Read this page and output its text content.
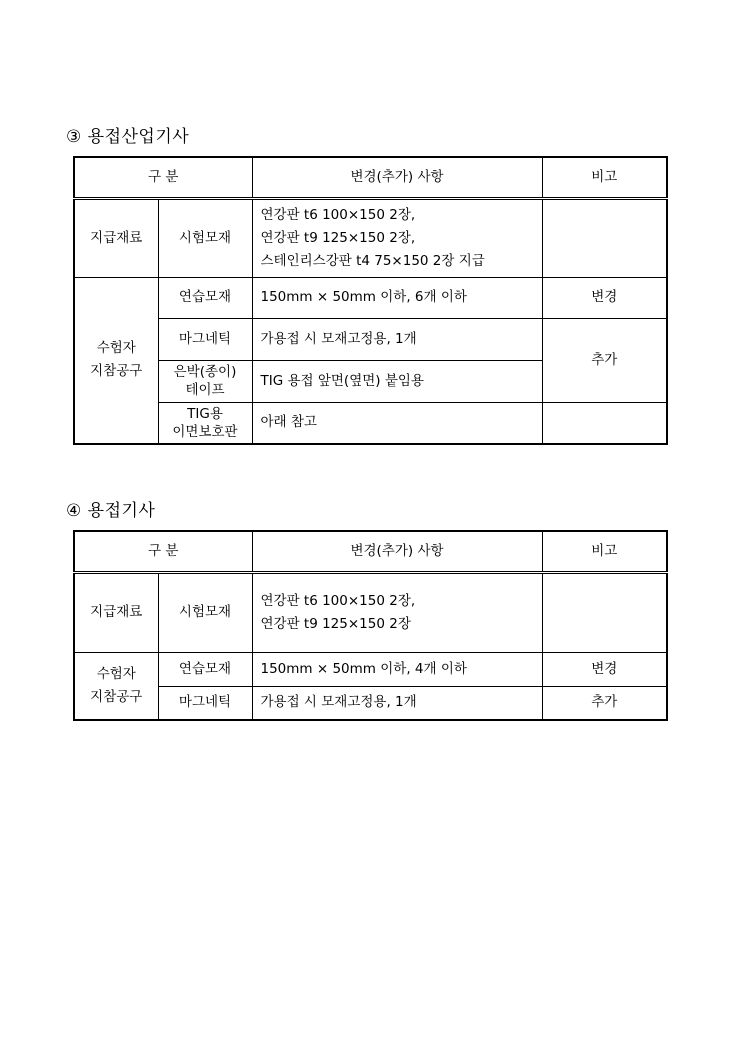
③ 용접산업기사
구 분		변경(추가) 사항	비고
지급재료	시험모재	연강판 t6 100×150 2장,
연강판 t9 125×150 2장,
스테인리스강판 t4 75×150 2장 지급	

수험자
지참공구	연습모재	150mm × 50mm 이하, 6개 이하	변경
	마그네틱	가용접 시 모재고정용, 1개	추가

	은박(종이)
테이프	TIG 용접 앞면(옆면) 붙임용	

	TIG용
이면보호판	아래 참고	
④ 용접기사
구 분		변경(추가) 사항	비고
지급재료	시험모재	연강판 t6 100×150 2장,
연강판 t9 125×150 2장	

수험자
지참공구	연습모재	150mm × 50mm 이하, 4개 이하	변경
	마그네틱	가용접 시 모재고정용, 1개	추가
